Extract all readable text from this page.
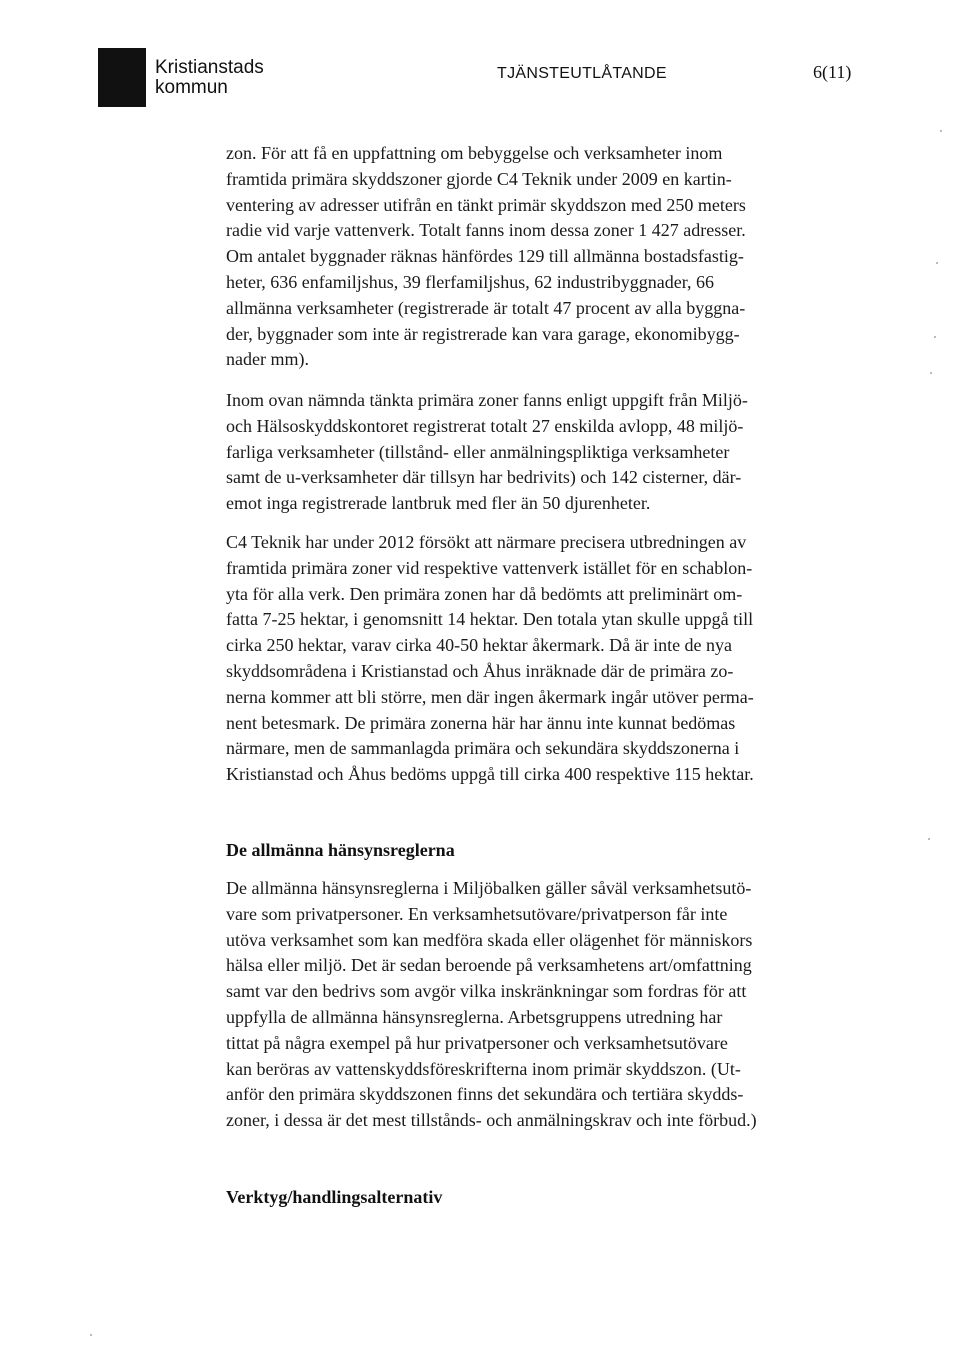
Kristianstads
kommun
TJÄNSTEUTLÅTANDE	6(11)

zon. För att få en uppfattning om bebyggelse och verksamheter inom

framtida primära skyddszoner gjorde C4 Teknik under 2009 en kartin-

ventering av adresser utifrån en tänkt primär skyddszon med 250 meters

radie vid varje vattenverk. Totalt fanns inom dessa zoner 1 427 adresser.

Om antalet byggnader räknas hänfördes 129 till allmänna bostadsfastig-

heter, 636 enfamiljshus, 39 flerfamiljshus, 62 industribyggnader, 66

allmänna verksamheter (registrerade är totalt 47 procent av alla byggna-

der, byggnader som inte är registrerade kan vara garage, ekonomibygg-

nader mm).

Inom ovan nämnda tänkta primära zoner fanns enligt uppgift från Miljö-

och Hälsoskyddskontoret registrerat totalt 27 enskilda avlopp, 48 miljö-

farliga verksamheter (tillstånd- eller anmälningspliktiga verksamheter

samt de u-verksamheter där tillsyn har bedrivits) och 142 cisterner, där-

emot inga registrerade lantbruk med fler än 50 djurenheter.

C4 Teknik har under 2012 försökt att närmare precisera utbredningen av

framtida primära zoner vid respektive vattenverk istället för en schablon-

yta för alla verk. Den primära zonen har då bedömts att preliminärt om-

fatta 7-25 hektar, i genomsnitt 14 hektar. Den totala ytan skulle uppgå till

cirka 250 hektar, varav cirka 40-50 hektar åkermark. Då är inte de nya

skyddsområdena i Kristianstad och Åhus inräknade där de primära zo-

nerna kommer att bli större, men där ingen åkermark ingår utöver perma-

nent betesmark. De primära zonerna här har ännu inte kunnat bedömas

närmare, men de sammanlagda primära och sekundära skyddszonerna i

Kristianstad och Åhus bedöms uppgå till cirka 400 respektive 115 hektar.

De allmänna hänsynsreglerna

De allmänna hänsynsreglerna i Miljöbalken gäller såväl verksamhetsutö-

vare som privatpersoner. En verksamhetsutövare/privatperson får inte

utöva verksamhet som kan medföra skada eller olägenhet för människors

hälsa eller miljö. Det är sedan beroende på verksamhetens art/omfattning

samt var den bedrivs som avgör vilka inskränkningar som fordras för att

uppfylla de allmänna hänsynsreglerna. Arbetsgruppens utredning har

tittat på några exempel på hur privatpersoner och verksamhetsutövare

kan beröras av vattenskyddsföreskrifterna inom primär skyddszon. (Ut-

anför den primära skyddszonen finns det sekundära och tertiära skydds-

zoner, i dessa är det mest tillstånds- och anmälningskrav och inte förbud.)

Verktyg/handlingsalternativ
